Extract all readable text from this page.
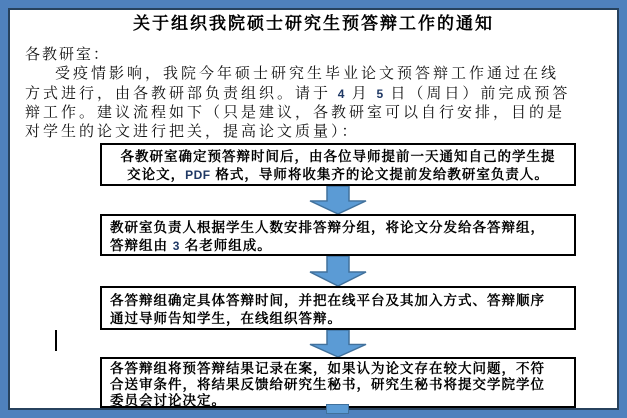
关于组织我院硕士研究生预答辩工作的通知
各教研室：
受疫情影响，我院今年硕士研究生毕业论文预答辩工作通过在线
方式进行，由各教研部负责组织。请于 4 月 5 日（周日）前完成预答
辩工作。建议流程如下（只是建议，各教研室可以自行安排，目的是
对学生的论文进行把关，提高论文质量）：
各教研室确定预答辩时间后，由各位导师提前一天通知自己的学生提
交论文，PDF 格式，导师将收集齐的论文提前发给教研室负责人。
教研室负责人根据学生人数安排答辩分组，将论文分发给各答辩组，
答辩组由 3 名老师组成。
各答辩组确定具体答辩时间，并把在线平台及其加入方式、答辩顺序
通过导师告知学生，在线组织答辩。
各答辩组将预答辩结果记录在案，如果认为论文存在较大问题，不符
合送审条件，将结果反馈给研究生秘书，研究生秘书将提交学院学位
委员会讨论决定。
